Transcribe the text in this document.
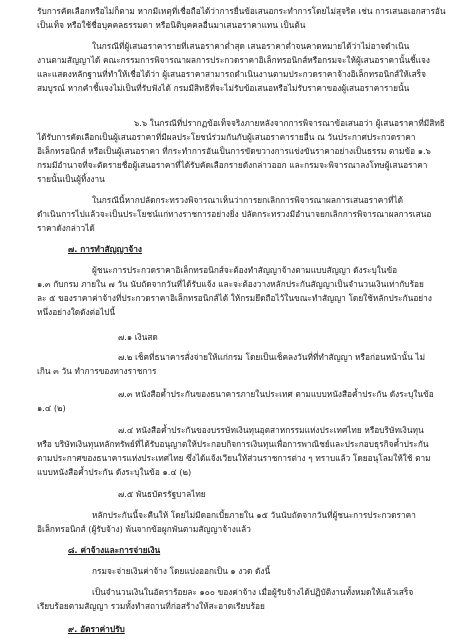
รับการคัดเลือกหรือไม่ก็ตาม หากมีเหตุที่เชื่อถือได้ว่าการยื่นข้อเสนอกระทำการโดยไม่สุจริต เช่น การเสนอเอกสารอัน
เป็นเท็จ หรือใช้ชื่อบุคคลธรรมดา หรือนิติบุคคลอื่นมาเสนอราคาแทน เป็นต้น
ในกรณีที่ผู้เสนอราคารายที่เสนอราคาต่ำสุด เสนอราคาต่ำจนคาดหมายได้ว่าไม่อาจดำเนิน
งานตามสัญญาได้ คณะกรรมการพิจารณาผลการประกวดราคาอิเล็กทรอนิกส์หรือกรมจะให้ผู้เสนอราคานั้นชี้แจง
และแสดงหลักฐานที่ทำให้เชื่อได้ว่า ผู้เสนอราคาสามารถดำเนินงานตามประกวดราคาจ้างอิเล็กทรอนิกส์ให้เสร็จ
สมบูรณ์ หากคำชี้แจงไม่เป็นที่รับฟังได้ กรมมีสิทธิที่จะไม่รับข้อเสนอหรือไม่รับราคาของผู้เสนอราคารายนั้น
๖.๖ ในกรณีที่ปรากฏข้อเท็จจริงภายหลังจากการพิจารณาข้อเสนอว่า ผู้เสนอราคาที่มีสิทธิ
ได้รับการคัดเลือกเป็นผู้เสนอราคาที่มีผลประโยชน์ร่วมกันกับผู้เสนอราคารายอื่น ณ วันประกาศประกวดราคา
อิเล็กทรอนิกส์ หรือเป็นผู้เสนอราคา ที่กระทำการอันเป็นการขัดขวางการแข่งขันราคาอย่างเป็นธรรม ตามข้อ ๑.๖
กรมมีอำนาจที่จะตัดรายชื่อผู้เสนอราคาที่ได้รับคัดเลือกรายดังกล่าวออก และกรมจะพิจารณาลงโทษผู้เสนอราคา
รายนั้นเป็นผู้ทิ้งงาน
ในกรณีนี้หากปลัดกระทรวงพิจารณาเห็นว่าการยกเลิกการพิจารณาผลการเสนอราคาที่ได้
ดำเนินการไปแล้วจะเป็นประโยชน์แก่ทางราชการอย่างยิ่ง ปลัดกระทรวงมีอำนาจยกเลิกการพิจารณาผลการเสนอ
ราคาดังกล่าวได้
๗. การทำสัญญาจ้าง
ผู้ชนะการประกวดราคาอิเล็กทรอนิกส์จะต้องทำสัญญาจ้างตามแบบสัญญา ดังระบุในข้อ
๑.๓ กับกรม ภายใน ๗ วัน นับถัดจากวันที่ได้รับแจ้ง และจะต้องวางหลักประกันสัญญาเป็นจำนวนเงินเท่ากับร้อย
ละ ๕ ของราคาค่าจ้างที่ประกวดราคาอิเล็กทรอนิกส์ได้ ให้กรมยึดถือไว้ในขณะทำสัญญา โดยใช้หลักประกันอย่าง
หนึ่งอย่างใดดังต่อไปนี้
๗.๑ เงินสด
๗.๒ เช็คที่ธนาคารสั่งจ่ายให้แก่กรม โดยเป็นเช็คลงวันที่ที่ทำสัญญา หรือก่อนหน้านั้น ไม่
เกิน ๓ วัน ทำการของทางราชการ
๗.๓ หนังสือค้ำประกันของธนาคารภายในประเทศ ตามแบบหนังสือค้ำประกัน ดังระบุในข้อ
๑.๔ (๒)
๗.๔ หนังสือค้ำประกันของบรรษัทเงินทุนอุตสาหกรรมแห่งประเทศไทย หรือบริษัทเงินทุน
หรือ บริษัทเงินทุนหลักทรัพย์ที่ได้รับอนุญาตให้ประกอบกิจการเงินทุนเพื่อการพาณิชย์และประกอบธุรกิจค้ำประกัน
ตามประกาศของธนาคารแห่งประเทศไทย ซึ่งได้แจ้งเวียนให้ส่วนราชการต่าง ๆ ทราบแล้ว โดยอนุโลมให้ใช้ ตาม
แบบหนังสือค้ำประกัน ดังระบุในข้อ ๑.๔ (๒)
๗.๕ พันธบัตรรัฐบาลไทย
หลักประกันนี้จะคืนให้ โดยไม่มีดอกเบี้ยภายใน ๑๕ วันนับถัดจากวันที่ผู้ชนะการประกวดราคา
อิเล็กทรอนิกส์ (ผู้รับจ้าง) พ้นจากข้อผูกพันตามสัญญาจ้างแล้ว
๘. ค่าจ้างและการจ่ายเงิน
กรมจะจ่ายเงินค่าจ้าง โดยแบ่งออกเป็น ๑ งวด ดังนี้
เป็นจำนวนเงินในอัตราร้อยละ ๑๐๐ ของค่าจ้าง เมื่อผู้รับจ้างได้ปฏิบัติงานทั้งหมดให้แล้วเสร็จ
เรียบร้อยตามสัญญา รวมทั้งทำสถานที่ก่อสร้างให้สะอาดเรียบร้อย
๙. อัตราค่าปรับ
